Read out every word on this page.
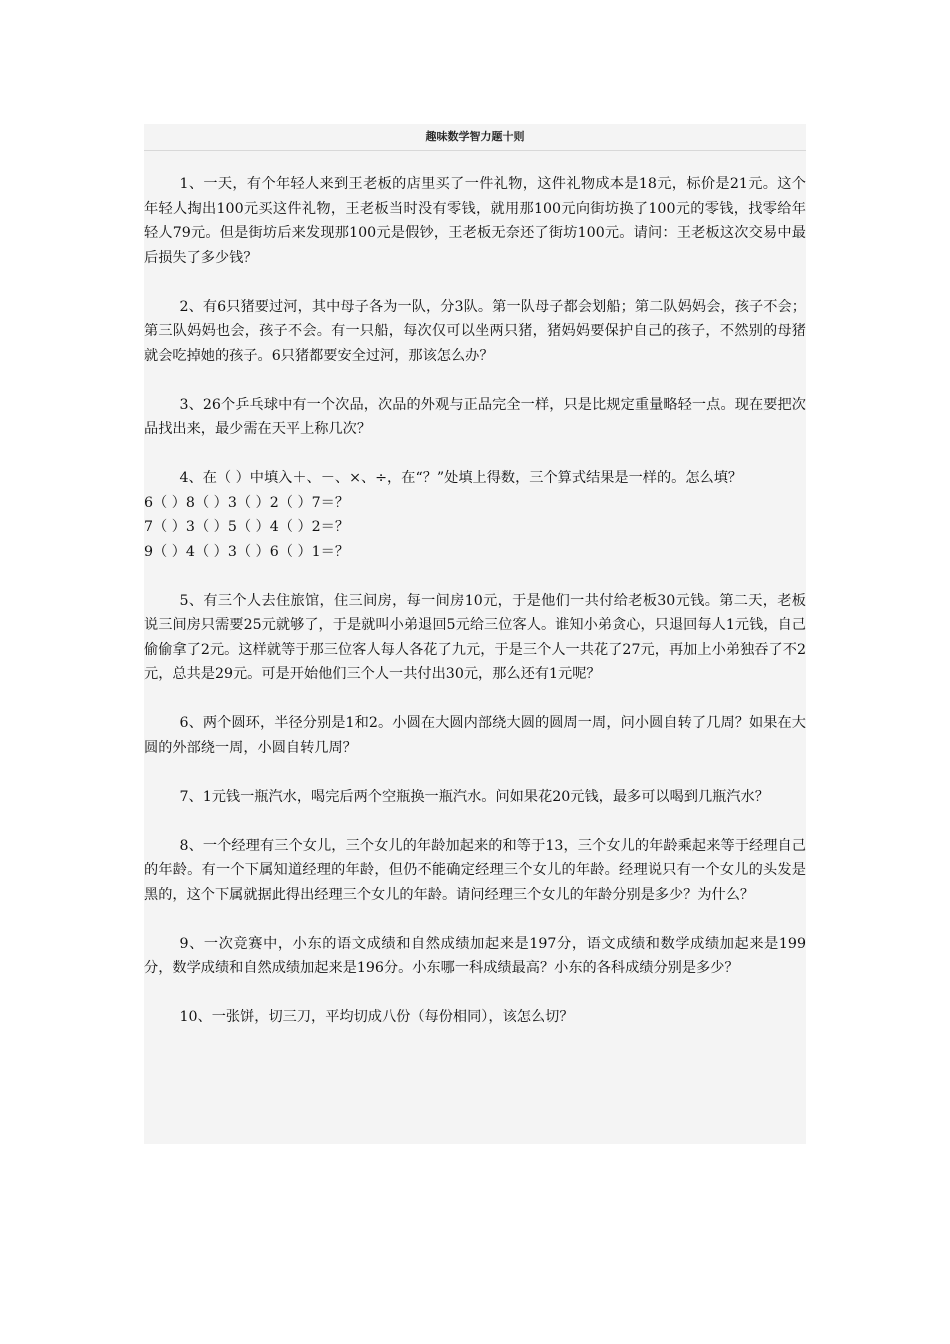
趣味数学智力题十则

1、一天，有个年轻人来到王老板的店里买了一件礼物，这件礼物成本是18元，标价是21元。这个年轻人掏出100元买这件礼物，王老板当时没有零钱，就用那100元向街坊换了100元的零钱，找零给年轻人79元。但是街坊后来发现那100元是假钞，王老板无奈还了街坊100元。请问：王老板这次交易中最后损失了多少钱？

2、有6只猪要过河，其中母子各为一队，分3队。第一队母子都会划船；第二队妈妈会，孩子不会；第三队妈妈也会，孩子不会。有一只船，每次仅可以坐两只猪，猪妈妈要保护自己的孩子，不然别的母猪就会吃掉她的孩子。6只猪都要安全过河，那该怎么办？

3、26个乒乓球中有一个次品，次品的外观与正品完全一样，只是比规定重量略轻一点。现在要把次品找出来，最少需在天平上称几次？

4、在（ ）中填入＋、－、×、÷，在“？”处填上得数，三个算式结果是一样的。怎么填？
6（ ）8（ ）3（ ）2（ ）7＝？
7（ ）3（ ）5（ ）4（ ）2＝？
9（ ）4（ ）3（ ）6（ ）1＝？

5、有三个人去住旅馆，住三间房，每一间房10元，于是他们一共付给老板30元钱。第二天，老板说三间房只需要25元就够了，于是就叫小弟退回5元给三位客人。谁知小弟贪心，只退回每人1元钱，自己偷偷拿了2元。这样就等于那三位客人每人各花了九元，于是三个人一共花了27元，再加上小弟独吞了不2元，总共是29元。可是开始他们三个人一共付出30元，那么还有1元呢？

6、两个圆环，半径分别是1和2。小圆在大圆内部绕大圆的圆周一周，问小圆自转了几周？如果在大圆的外部绕一周，小圆自转几周？

7、1元钱一瓶汽水，喝完后两个空瓶换一瓶汽水。问如果花20元钱，最多可以喝到几瓶汽水？

8、一个经理有三个女儿，三个女儿的年龄加起来的和等于13，三个女儿的年龄乘起来等于经理自己的年龄。有一个下属知道经理的年龄，但仍不能确定经理三个女儿的年龄。经理说只有一个女儿的头发是黑的，这个下属就据此得出经理三个女儿的年龄。请问经理三个女儿的年龄分别是多少？为什么？

9、一次竞赛中，小东的语文成绩和自然成绩加起来是197分，语文成绩和数学成绩加起来是199分，数学成绩和自然成绩加起来是196分。小东哪一科成绩最高？小东的各科成绩分别是多少？

10、一张饼，切三刀，平均切成八份（每份相同），该怎么切？
